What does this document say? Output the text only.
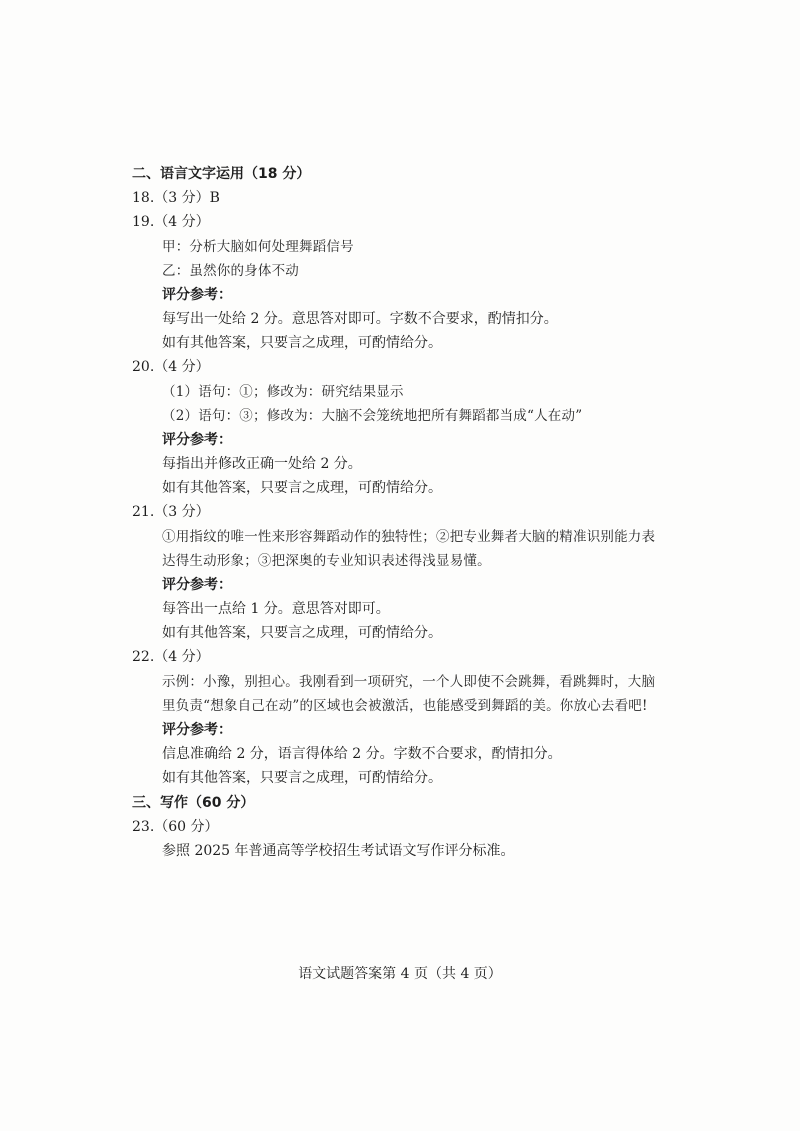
二、语言文字运用（18 分）
18.（3 分）B
19.（4 分）
甲：分析大脑如何处理舞蹈信号
乙：虽然你的身体不动
评分参考：
每写出一处给 2 分。意思答对即可。字数不合要求，酌情扣分。
如有其他答案，只要言之成理，可酌情给分。
20.（4 分）
（1）语句：①；修改为：研究结果显示
（2）语句：③；修改为：大脑不会笼统地把所有舞蹈都当成“人在动”
评分参考：
每指出并修改正确一处给 2 分。
如有其他答案，只要言之成理，可酌情给分。
21.（3 分）
①用指纹的唯一性来形容舞蹈动作的独特性；②把专业舞者大脑的精准识别能力表
达得生动形象；③把深奥的专业知识表述得浅显易懂。
评分参考：
每答出一点给 1 分。意思答对即可。
如有其他答案，只要言之成理，可酌情给分。
22.（4 分）
示例：小豫，别担心。我刚看到一项研究，一个人即使不会跳舞，看跳舞时，大脑
里负责“想象自己在动”的区域也会被激活，也能感受到舞蹈的美。你放心去看吧!
评分参考：
信息准确给 2 分，语言得体给 2 分。字数不合要求，酌情扣分。
如有其他答案，只要言之成理，可酌情给分。
三、写作（60 分）
23.（60 分）
参照 2025 年普通高等学校招生考试语文写作评分标准。
语文试题答案第 4 页（共 4 页）
